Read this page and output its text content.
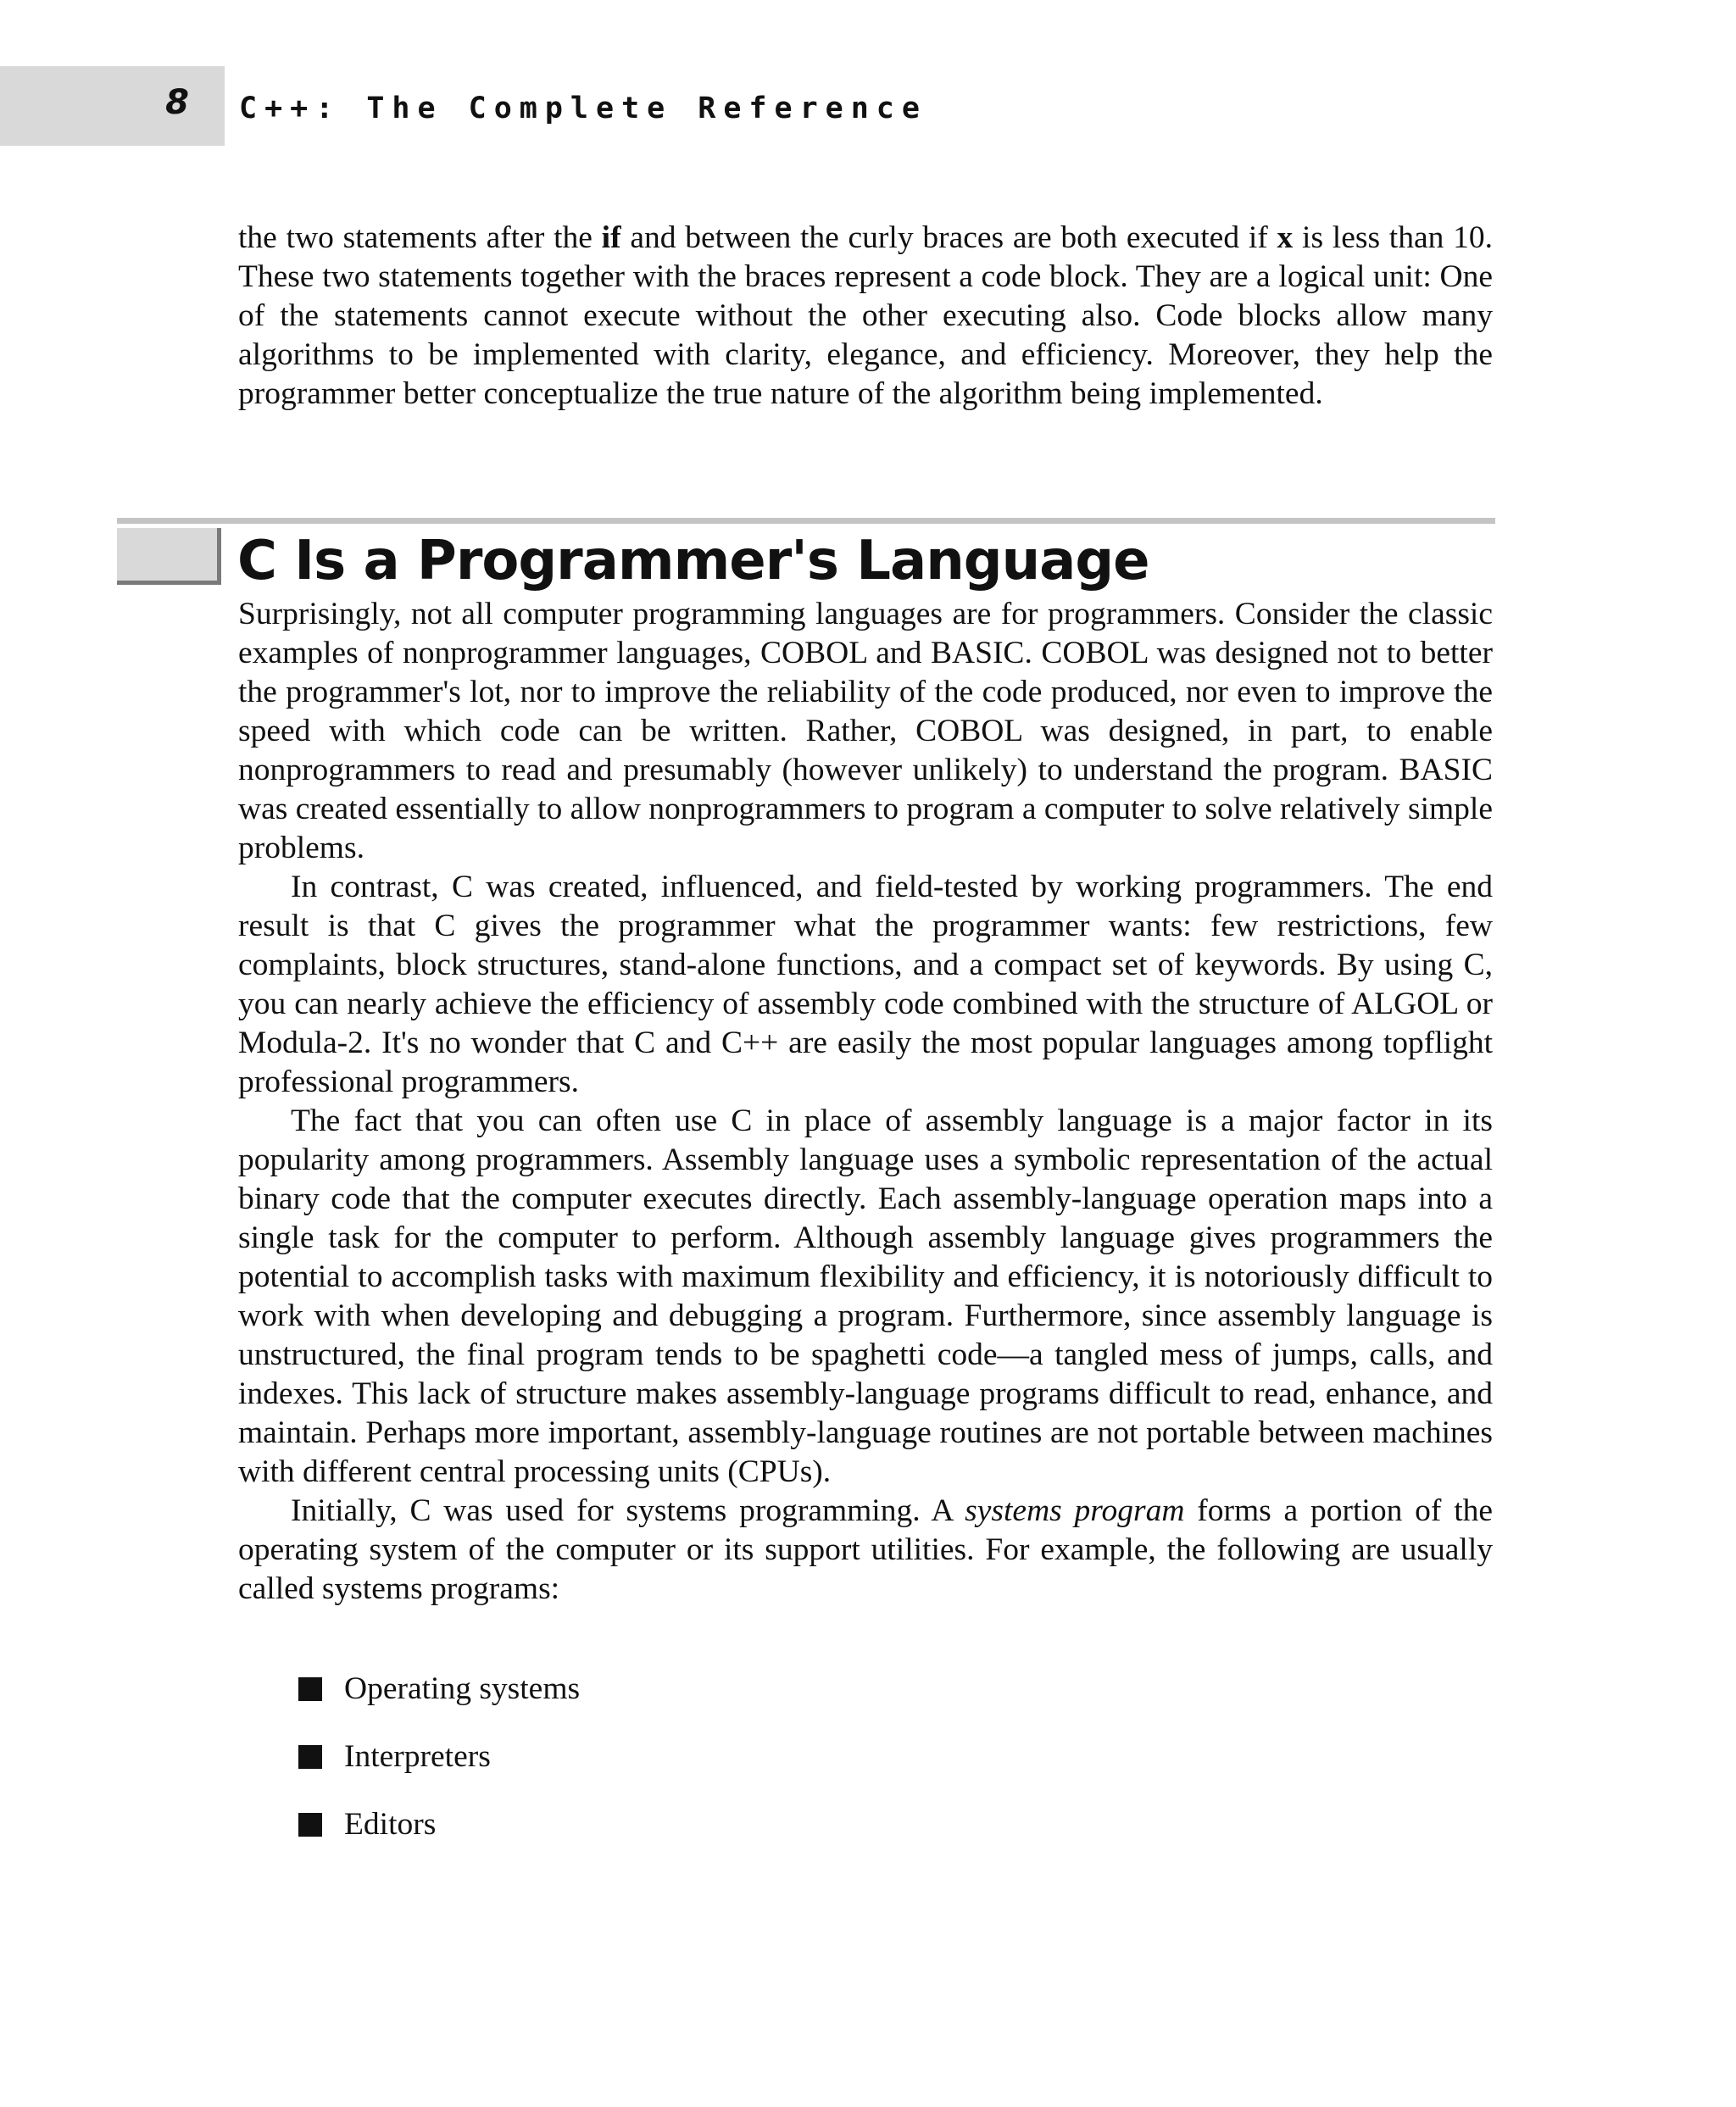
8 C++: The Complete Reference

the two statements after the if and between the curly braces are both executed if x is less than 10. These two statements together with the braces represent a code block. They are a logical unit: One of the statements cannot execute without the other executing also. Code blocks allow many algorithms to be implemented with clarity, elegance, and efficiency. Moreover, they help the programmer better conceptualize the true nature of the algorithm being implemented.

C Is a Programmer's Language

Surprisingly, not all computer programming languages are for programmers. Consider the classic examples of nonprogrammer languages, COBOL and BASIC. COBOL was designed not to better the programmer's lot, nor to improve the reliability of the code produced, nor even to improve the speed with which code can be written. Rather, COBOL was designed, in part, to enable nonprogrammers to read and presumably (however unlikely) to understand the program. BASIC was created essentially to allow nonprogrammers to program a computer to solve relatively simple problems.

In contrast, C was created, influenced, and field-tested by working programmers. The end result is that C gives the programmer what the programmer wants: few restrictions, few complaints, block structures, stand-alone functions, and a compact set of keywords. By using C, you can nearly achieve the efficiency of assembly code combined with the structure of ALGOL or Modula-2. It's no wonder that C and C++ are easily the most popular languages among topflight professional programmers.

The fact that you can often use C in place of assembly language is a major factor in its popularity among programmers. Assembly language uses a symbolic representation of the actual binary code that the computer executes directly. Each assembly-language operation maps into a single task for the computer to perform. Although assembly language gives programmers the potential to accomplish tasks with maximum flexibility and efficiency, it is notoriously difficult to work with when developing and debugging a program. Furthermore, since assembly language is unstructured, the final program tends to be spaghetti code—a tangled mess of jumps, calls, and indexes. This lack of structure makes assembly-language programs difficult to read, enhance, and maintain. Perhaps more important, assembly-language routines are not portable between machines with different central processing units (CPUs).

Initially, C was used for systems programming. A systems program forms a portion of the operating system of the computer or its support utilities. For example, the following are usually called systems programs:

Operating systems
Interpreters
Editors
